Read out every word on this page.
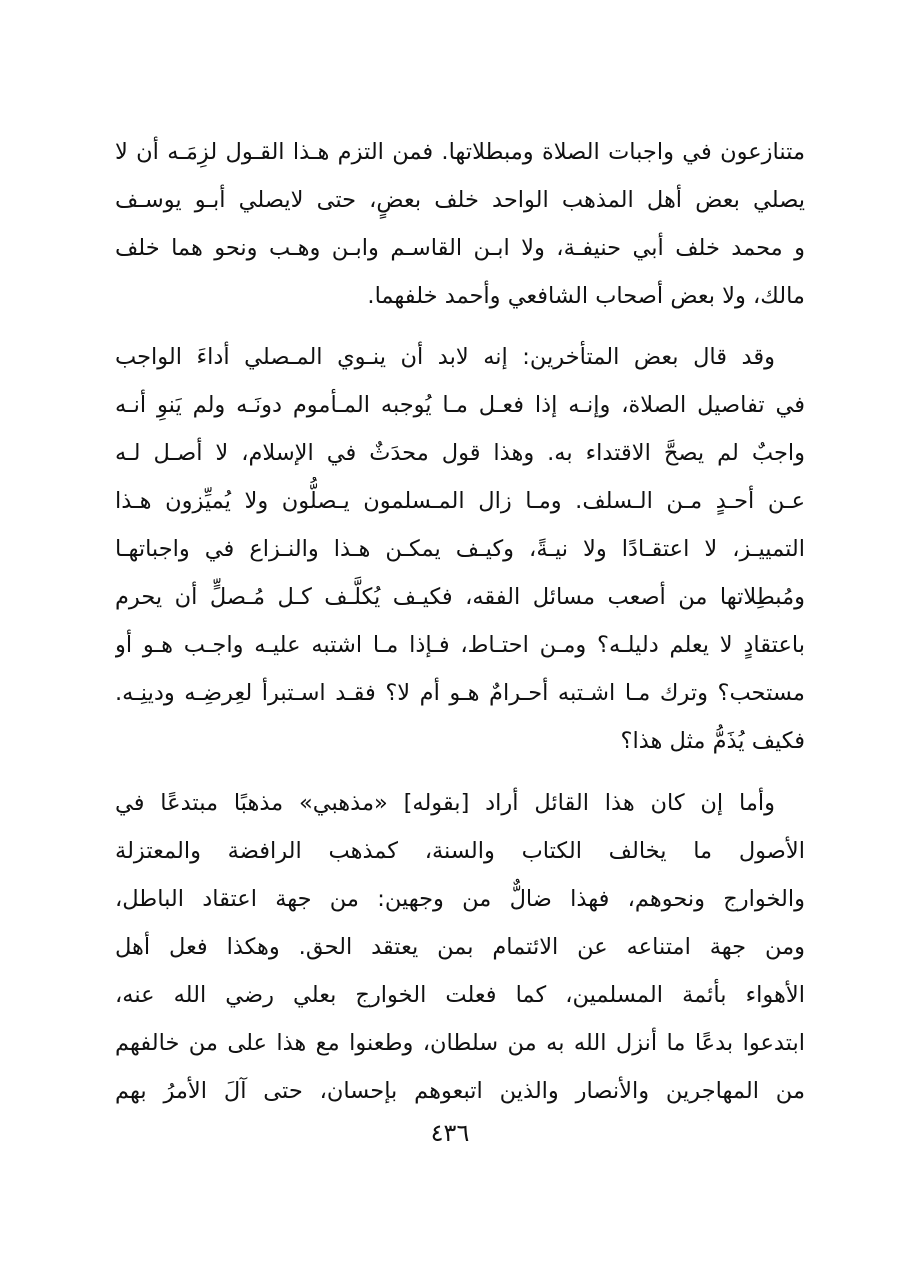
متنازعون في واجبات الصلاة ومبطلاتها. فمن التزم هـذا القـول لزِمَـه أن لا
يصلي بعض أهل المذهب الواحد خلف بعضٍ، حتى لايصلي أبـو يوسـف
و محمد خلف أبي حنيفـة، ولا ابـن القاسـم وابـن وهـب ونحو هما خلف
مالك، ولا بعض أصحاب الشافعي وأحمد خلفهما.
وقد قال بعض المتأخرين: إنه لابد أن ينـوي المـصلي أداءَ الواجب
في تفاصيل الصلاة، وإنـه إذا فعـل مـا يُوجبه المـأموم دونَـه ولم يَنوِ أنـه
واجبٌ لم يصحَّ الاقتداء به. وهذا قول محدَثٌ في الإسلام، لا أصـل لـه
عـن أحـدٍ مـن الـسلف. ومـا زال المـسلمون يـصلُّون ولا يُميِّزون هـذا
التمييـز، لا اعتقـادًا ولا نيـةً، وكيـف يمكـن هـذا والنـزاع في واجباتهـا
ومُبطِلاتها من أصعب مسائل الفقه، فكيـف يُكلَّـف كـل مُـصلٍّ أن يحرم
باعتقادٍ لا يعلم دليلـه؟ ومـن احتـاط، فـإذا مـا اشتبه عليـه واجـب هـو أو
مستحب؟ وترك مـا اشـتبه أحـرامٌ هـو أم لا؟ فقـد اسـتبرأ لعِرضِـه ودينِـه.
فكيف يُذَمُّ مثل هذا؟
وأما إن كان هذا القائل أراد [بقوله] «مذهبي» مذهبًا مبتدعًا في
الأصول ما يخالف الكتاب والسنة، كمذهب الرافضة والمعتزلة
والخوارج ونحوهم، فهذا ضالٌّ من وجهين: من جهة اعتقاد الباطل،
ومن جهة امتناعه عن الائتمام بمن يعتقد الحق. وهكذا فعل أهل
الأهواء بأئمة المسلمين، كما فعلت الخوارج بعلي رضي الله عنه،
ابتدعوا بدعًا ما أنزل الله به من سلطان، وطعنوا مع هذا على من خالفهم
من المهاجرين والأنصار والذين اتبعوهم بإحسان، حتى آلَ الأمرُ بهم
٤٣٦
